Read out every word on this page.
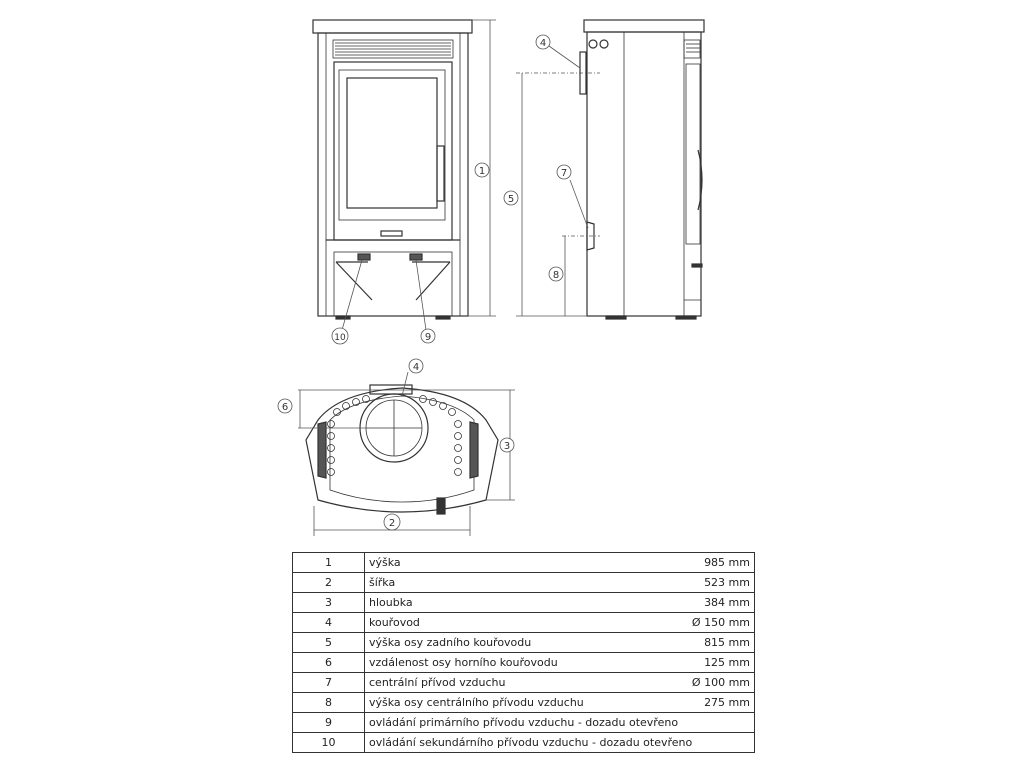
1
10	9
4
5
7
8
4
6
3
2
1	výška	985 mm
2	šířka	523 mm
3	hloubka	384 mm
4	kouřovod	Ø 150 mm
5	výška osy zadního kouřovodu	815 mm
6	vzdálenost osy horního kouřovodu	125 mm
7	centrální přívod vzduchu	Ø 100 mm
8	výška osy centrálního přívodu vzduchu	275 mm
9	ovládání primárního přívodu vzduchu - dozadu otevřeno	
10	ovládání sekundárního přívodu vzduchu - dozadu otevřeno	
